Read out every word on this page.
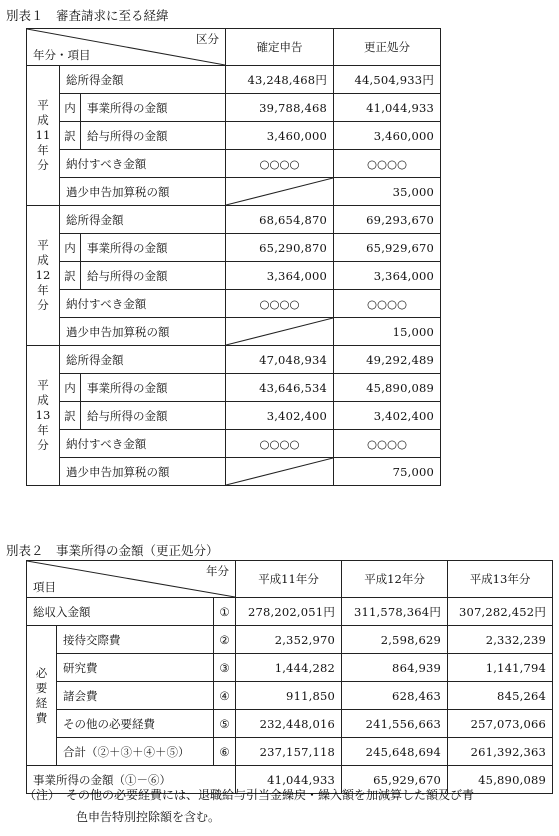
別表１　審査請求に至る経緯
区分
年分・項目			確定申告	更正処分

平
成
11
年
分	総所得金額		43,248,468円	44,504,933円
	内	事業所得の金額	39,788,468	41,044,933
	訳	給与所得の金額	3,460,000	3,460,000
	納付すべき金額		○○○○	○○○○
	過少申告加算税の額			35,000

平
成
12
年
分	総所得金額		68,654,870	69,293,670
	内	事業所得の金額	65,290,870	65,929,670
	訳	給与所得の金額	3,364,000	3,364,000
	納付すべき金額		○○○○	○○○○
	過少申告加算税の額			15,000

平
成
13
年
分	総所得金額		47,048,934	49,292,489
	内	事業所得の金額	43,646,534	45,890,089
	訳	給与所得の金額	3,402,400	3,402,400
	納付すべき金額		○○○○	○○○○
	過少申告加算税の額			75,000
別表２　事業所得の金額（更正処分）
年分
項目			平成11年分	平成12年分	平成13年分
総収入金額		①	278,202,051円	311,578,364円	307,282,452円

必
要
経
費	接待交際費	②	2,352,970	2,598,629	2,332,239
	研究費	③	1,444,282	864,939	1,141,794
	諸会費	④	911,850	628,463	845,264
	その他の必要経費	⑤	232,448,016	241,556,663	257,073,066
	合計（②＋③＋④＋⑤）	⑥	237,157,118	245,648,694	261,392,363
事業所得の金額（①－⑥）			41,044,933	65,929,670	45,890,089
（注）　 その他の必要経費には、退職給与引当金繰戻・繰入額を加減算した額及び青
色申告特別控除額を含む。
